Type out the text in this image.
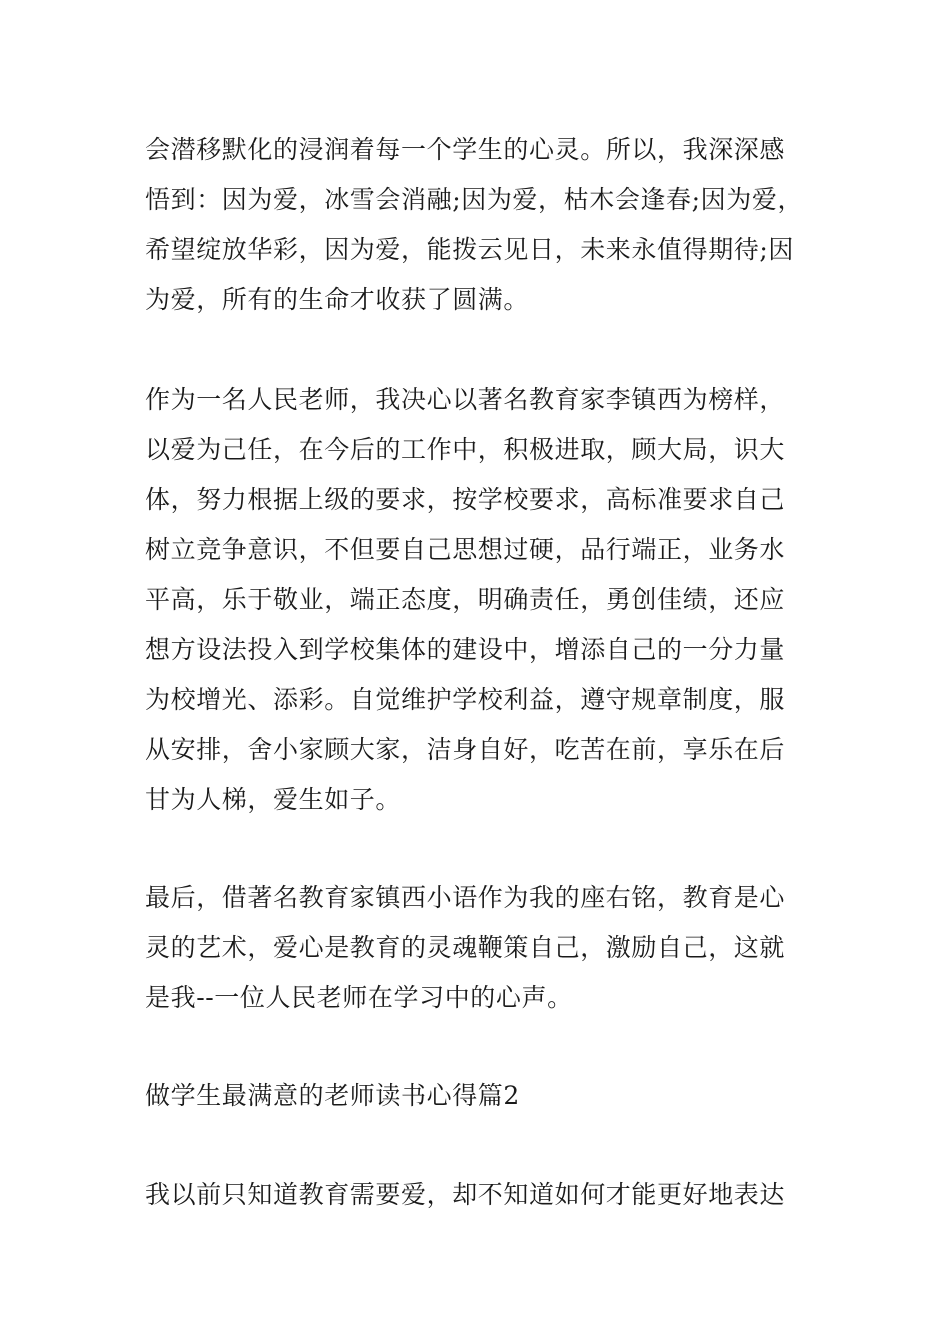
会潜移默化的浸润着每一个学生的心灵。所以，我深深感
悟到：因为爱，冰雪会消融;因为爱，枯木会逢春;因为爱，
希望绽放华彩，因为爱，能拨云见日，未来永值得期待;因
为爱，所有的生命才收获了圆满。
作为一名人民老师，我决心以著名教育家李镇西为榜样，
以爱为己任，在今后的工作中，积极进取，顾大局，识大
体，努力根据上级的要求，按学校要求，高标准要求自己
树立竞争意识，不但要自己思想过硬，品行端正，业务水
平高，乐于敬业，端正态度，明确责任，勇创佳绩，还应
想方设法投入到学校集体的建设中，增添自己的一分力量
为校增光、添彩。自觉维护学校利益，遵守规章制度，服
从安排，舍小家顾大家，洁身自好，吃苦在前，享乐在后
甘为人梯，爱生如子。
最后，借著名教育家镇西小语作为我的座右铭，教育是心
灵的艺术，爱心是教育的灵魂鞭策自己，激励自己，这就
是我--一位人民老师在学习中的心声。
做学生最满意的老师读书心得篇2
我以前只知道教育需要爱，却不知道如何才能更好地表达
